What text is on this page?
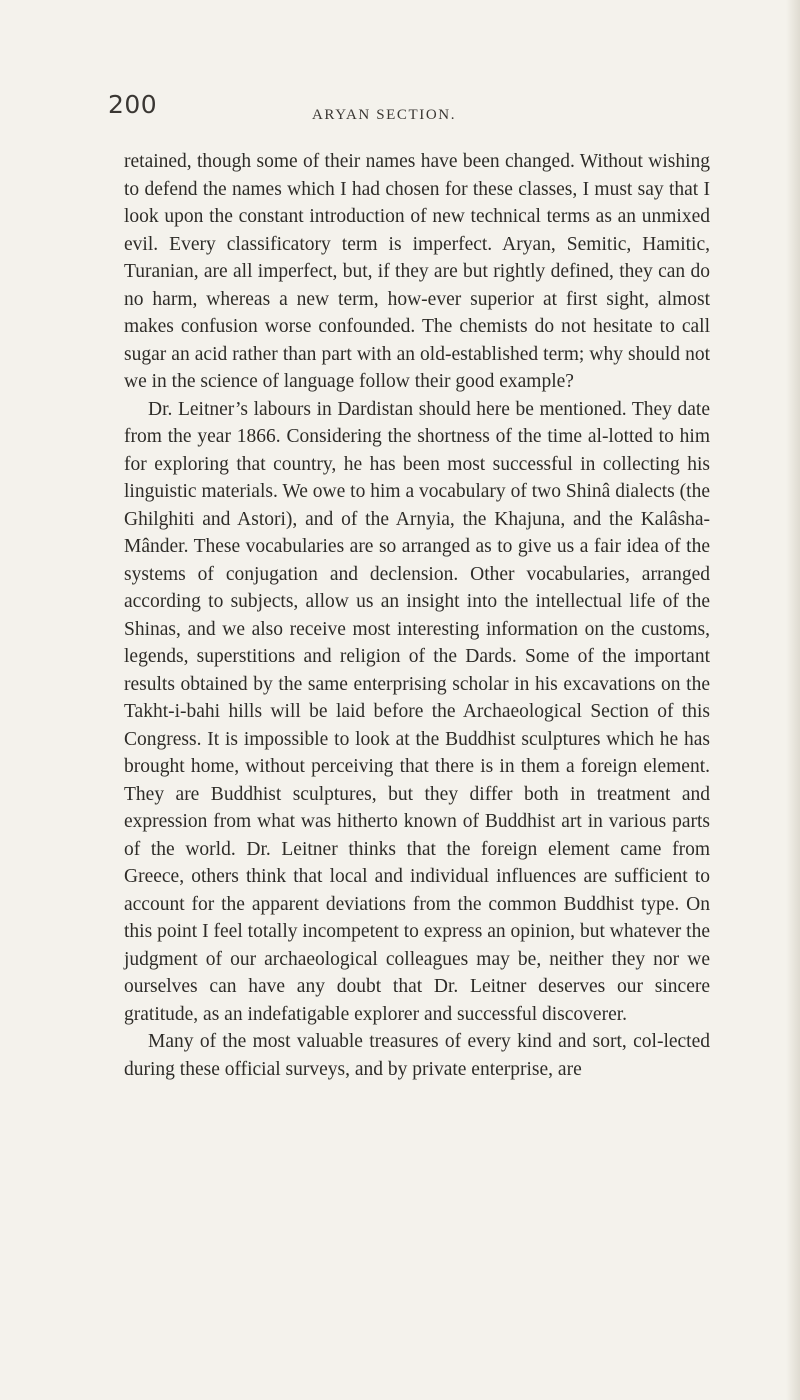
200	ARYAN SECTION.

retained, though some of their names have been changed. Without wishing to defend the names which I had chosen for these classes, I must say that I look upon the constant introduction of new technical terms as an unmixed evil. Every classificatory term is imperfect. Aryan, Semitic, Hamitic, Turanian, are all imperfect, but, if they are but rightly defined, they can do no harm, whereas a new term, how-ever superior at first sight, almost makes confusion worse confounded. The chemists do not hesitate to call sugar an acid rather than part with an old-established term; why should not we in the science of language follow their good example?

Dr. Leitner’s labours in Dardistan should here be mentioned. They date from the year 1866. Considering the shortness of the time al-lotted to him for exploring that country, he has been most successful in collecting his linguistic materials. We owe to him a vocabulary of two Shinâ dialects (the Ghilghiti and Astori), and of the Arnyia, the Khajuna, and the Kalâsha-Mânder. These vocabularies are so arranged as to give us a fair idea of the systems of conjugation and declension. Other vocabularies, arranged according to subjects, allow us an insight into the intellectual life of the Shinas, and we also receive most interesting information on the customs, legends, superstitions and religion of the Dards. Some of the important results obtained by the same enterprising scholar in his excavations on the Takht-i-bahi hills will be laid before the Archaeological Section of this Congress. It is impossible to look at the Buddhist sculptures which he has brought home, without perceiving that there is in them a foreign element. They are Buddhist sculptures, but they differ both in treatment and expression from what was hitherto known of Buddhist art in various parts of the world. Dr. Leitner thinks that the foreign element came from Greece, others think that local and individual influences are sufficient to account for the apparent deviations from the common Buddhist type. On this point I feel totally incompetent to express an opinion, but whatever the judgment of our archaeological colleagues may be, neither they nor we ourselves can have any doubt that Dr. Leitner deserves our sincere gratitude, as an indefatigable explorer and successful discoverer.

Many of the most valuable treasures of every kind and sort, col-lected during these official surveys, and by private enterprise, are
